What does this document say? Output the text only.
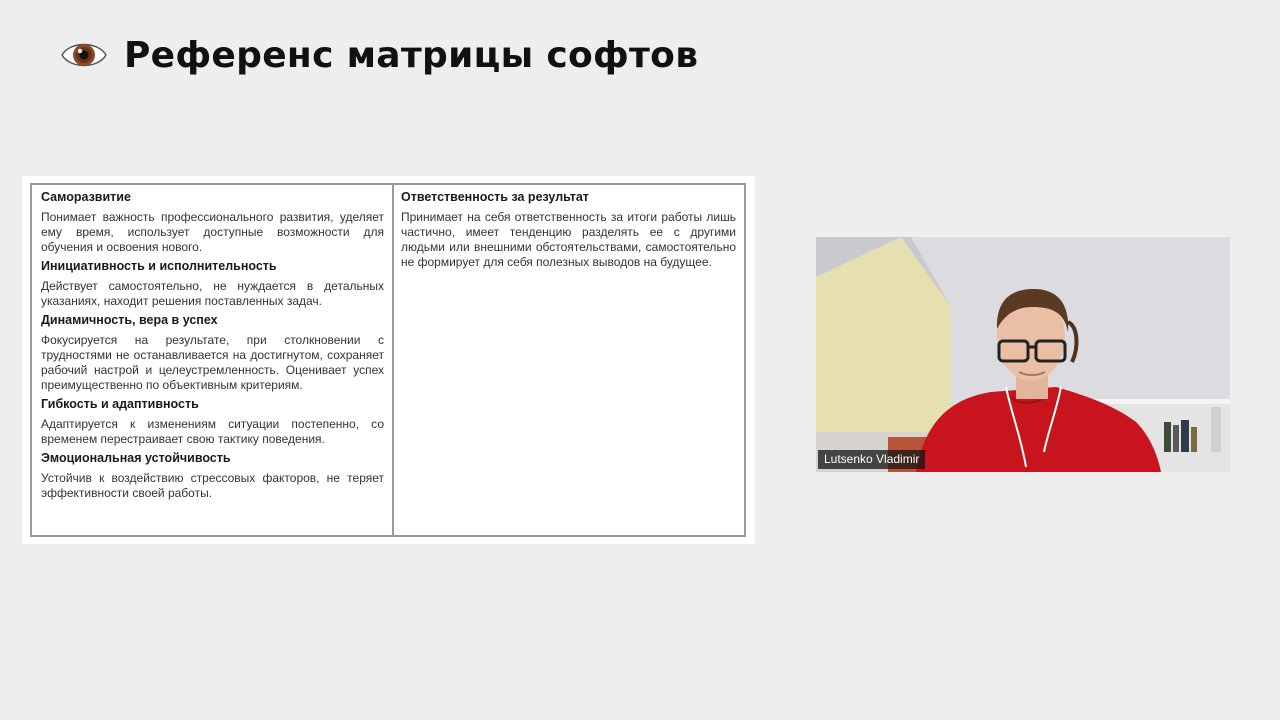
Референс матрицы софтов
Саморазвитие
Понимает важность профессионального развития, уделяет ему время, использует доступные возможности для обучения и освоения нового.
Инициативность и исполнительность
Действует самостоятельно, не нуждается в детальных указаниях, находит решения поставленных задач.
Динамичность, вера в успех
Фокусируется на результате, при столкновении с трудностями не останавливается на достигнутом, сохраняет рабочий настрой и целеустремленность. Оценивает успех преимущественно по объективным критериям.
Гибкость и адаптивность
Адаптируется к изменениям ситуации постепенно, со временем перестраивает свою тактику поведения.
Эмоциональная устойчивость
Устойчив к воздействию стрессовых факторов, не теряет эффективности своей работы.
Ответственность за результат
Принимает на себя ответственность за итоги работы лишь частично, имеет тенденцию разделять ее с другими людьми или внешними обстоятельствами, самостоятельно не формирует для себя полезных выводов на будущее.
Lutsenko Vladimir
